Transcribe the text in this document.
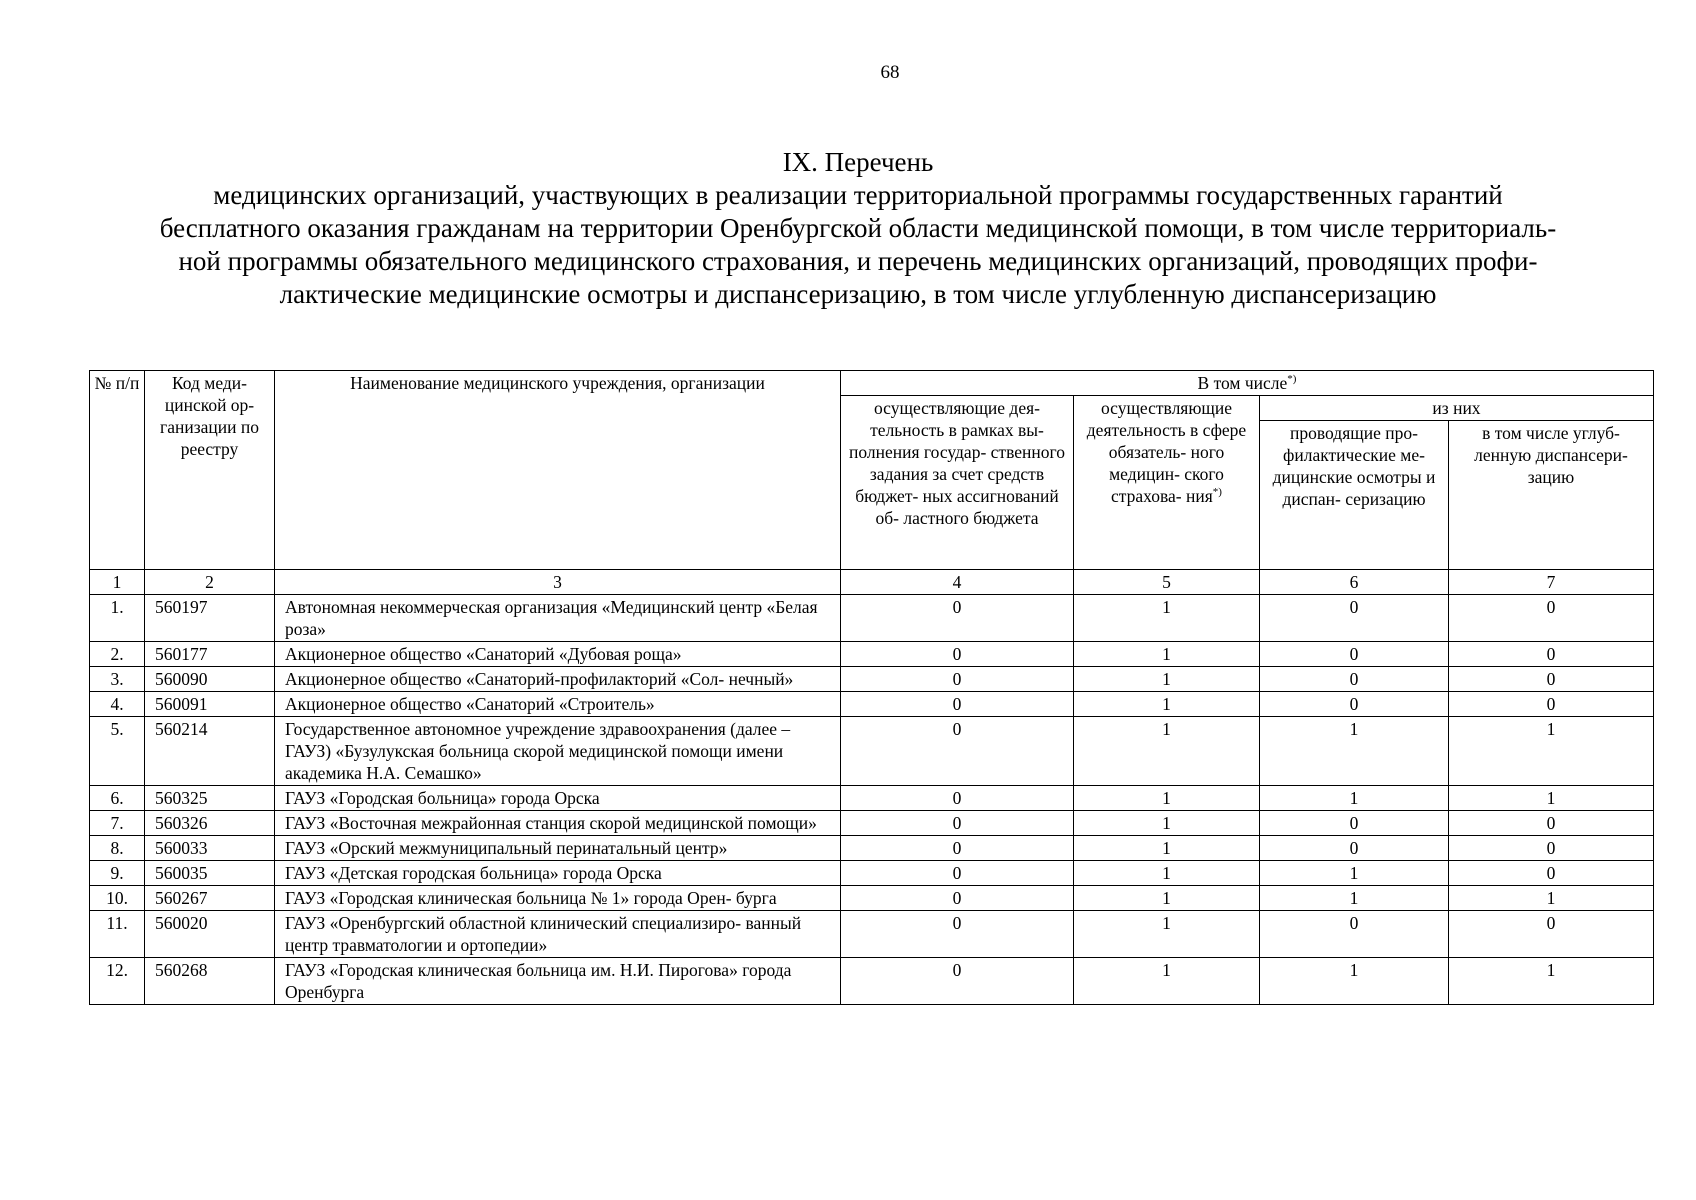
68
IX. Перечень
медицинских организаций, участвующих в реализации территориальной программы государственных гарантий
бесплатного оказания гражданам на территории Оренбургской области медицинской помощи, в том числе территориаль-
ной программы обязательного медицинского страхования, и перечень медицинских организаций, проводящих профи-
лактические медицинские осмотры и диспансеризацию, в том числе углубленную диспансеризацию
№ п/п	Код меди- цинской ор- ганизации по реестру	Наименование медицинского учреждения, организации	В том числе*)
			осуществляющие дея- тельность в рамках вы- полнения государ- ственного задания за счет средств бюджет- ных ассигнований об- ластного бюджета	осуществляющие деятельность в сфере обязатель- ного медицин- ского страхова- ния*)	из них	
					проводящие про- филактические ме- дицинские осмотры и диспан- серизацию	в том числе углуб- ленную диспансери- зацию
1	2	3	4	5	6	7
1.	560197	Автономная некоммерческая организация «Медицинский центр «Белая роза»	0	1	0	0
2.	560177	Акционерное общество «Санаторий «Дубовая роща»	0	1	0	0
3.	560090	Акционерное общество «Санаторий-профилакторий «Сол- нечный»	0	1	0	0
4.	560091	Акционерное общество «Санаторий «Строитель»	0	1	0	0
5.	560214	Государственное автономное учреждение здравоохранения (далее – ГАУЗ) «Бузулукская больница скорой медицинской помощи имени академика Н.А. Семашко»	0	1	1	1
6.	560325	ГАУЗ «Городская больница» города Орска	0	1	1	1
7.	560326	ГАУЗ «Восточная межрайонная станция скорой медицинской помощи»	0	1	0	0
8.	560033	ГАУЗ «Орский межмуниципальный перинатальный центр»	0	1	0	0
9.	560035	ГАУЗ «Детская городская больница» города Орска	0	1	1	0
10.	560267	ГАУЗ «Городская клиническая больница № 1» города Орен- бурга	0	1	1	1
11.	560020	ГАУЗ «Оренбургский областной клинический специализиро- ванный центр травматологии и ортопедии»	0	1	0	0
12.	560268	ГАУЗ «Городская клиническая больница им. Н.И. Пирогова» города Оренбурга	0	1	1	1
